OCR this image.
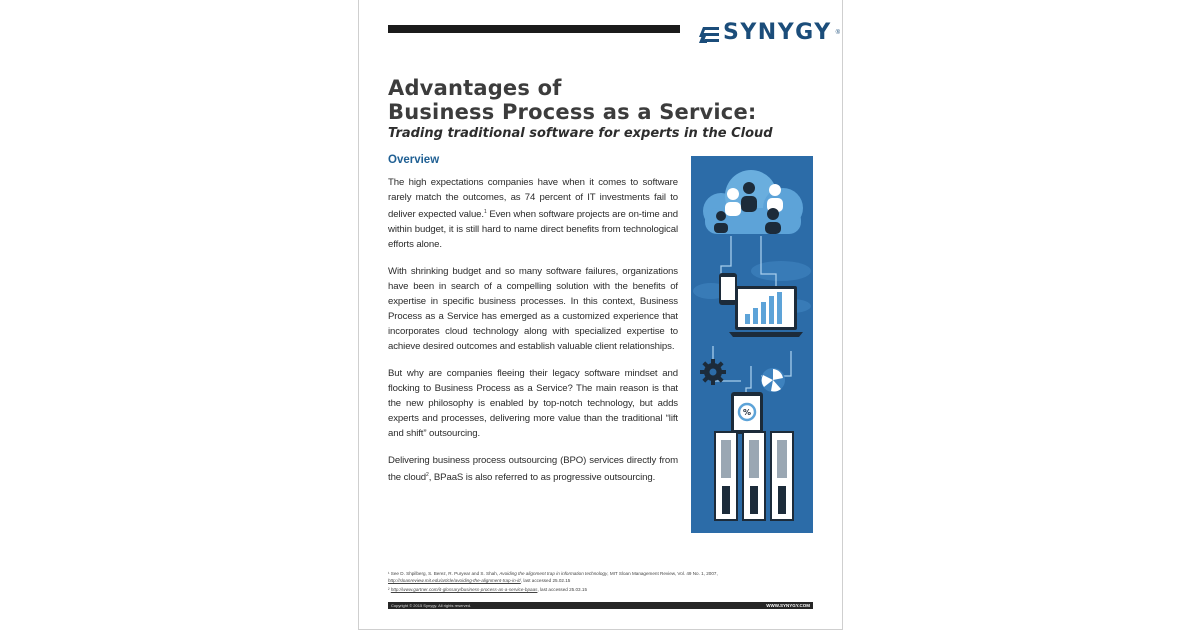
SYNYGY ®
Advantages of
Business Process as a Service:
Trading traditional software for experts in the Cloud
Overview

The high expectations companies have when it comes to software rarely match the outcomes, as 74 percent of IT investments fail to deliver expected value.$^1$ Even when software projects are on-time and within budget, it is still hard to name direct benefits from technological efforts alone.

With shrinking budget and so many software failures, organizations have been in search of a compelling solution with the benefits of expertise in specific business processes. In this context, Business Process as a Service has emerged as a customized experience that incorporates cloud technology along with specialized expertise to achieve desired outcomes and establish valuable client relationships.

But why are companies fleeing their legacy software mindset and flocking to Business Process as a Service? The main reason is that the new philosophy is enabled by top-notch technology, but adds experts and processes, delivering more value than the traditional “lift and shift” outsourcing.

Delivering business process outsourcing (BPO) services directly from the cloud$^2$, BPaaS is also referred to as progressive outsourcing.

%
¹ See D. Shpilberg, S. Berez, R. Puryear and S. Shah, Avoiding the alignment trap in information technology, MIT Sloan Management Review, Vol. 49 No. 1, 2007, http://sloanreview.mit.edu/article/avoiding-the-alignment-trap-in-it/, last accessed 25.02.15
² http://www.gartner.com/it-glossary/business-process-as-a-service-bpaas, last accessed 25.03.15
Copyright © 2015 Synygy. All rights reserved.	WWW.SYNYGY.COM
